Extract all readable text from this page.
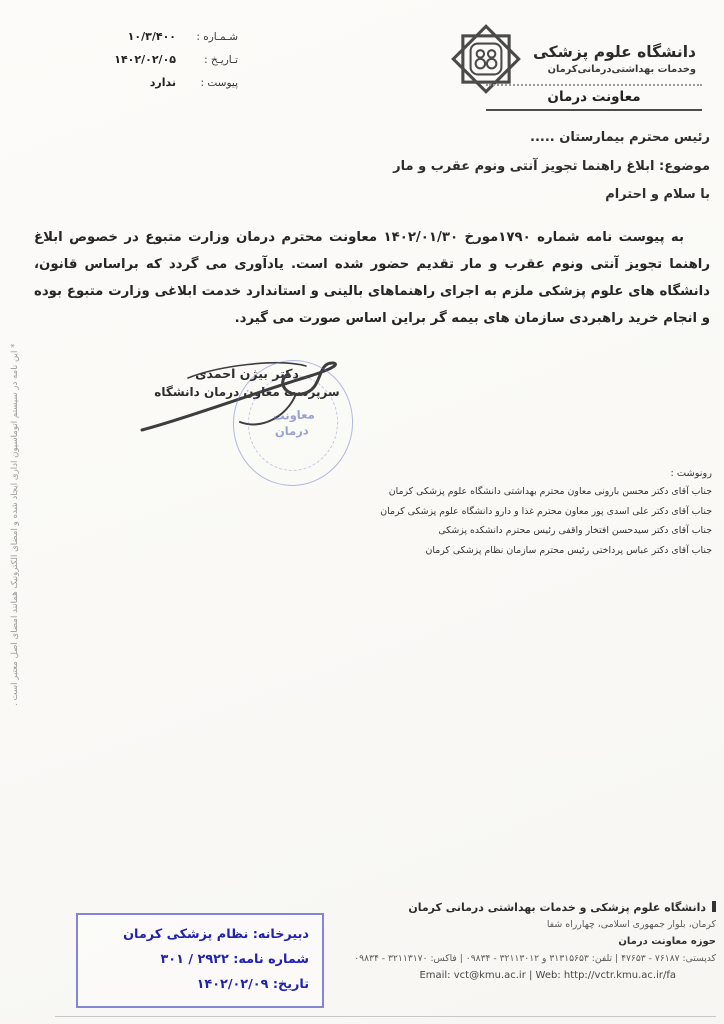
شـمـاره :
۱۰/۳/۴۰۰
تـاریـخ :
۱۴۰۲/۰۲/۰۵
پیوست :
ندارد
دانشگاه علوم پزشکی
وخدمات بهداشتی‌درمانی‌کرمان
معاونت درمان
رئیس محترم بیمارستان .....
موضوع: ابلاغ راهنما تجویز آنتی ونوم عقرب و مار
با سلام و احترام

به پیوست نامه شماره ۱۷۹۰مورخ ۱۴۰۲/۰۱/۳۰ معاونت محترم درمان وزارت متبوع در خصوص ابلاغ راهنما تجویز آنتی ونوم عقرب و مار تقدیم حضور شده است. یادآوری می گردد که براساس قانون، دانشگاه های علوم پزشکی ملزم به اجرای راهنماهای بالینی و استاندارد خدمت ابلاغی وزارت متبوع بوده و انجام خرید راهبردی سازمان های بیمه گر براین اساس صورت می گیرد.

دکتر بیژن احمدی
سرپرست معاون درمان دانشگاه
معاونت
درمان
رونوشت :
جناب آقای دکتر محسن بارونی معاون محترم بهداشتی دانشگاه علوم پزشکی کرمان
جناب آقای دکتر علی اسدی پور معاون محترم غذا و دارو دانشگاه علوم پزشکی کرمان
جناب آقای دکتر سیدحسن افتخار واقفی رئیس محترم دانشکده پزشکی
جناب آقای دکتر عباس پرداختی رئیس محترم سازمان نظام پزشکی کرمان
* این نامه در سیستم اتوماسیون اداری ایجاد شده و امضای الکترونیک همانند امضای اصل معتبر است .
دبیرخانه: نظام پزشکی کرمان
شماره نامه: ۲۹۲۲ / ۳۰۱
تاریخ: ۱۴۰۲/۰۲/۰۹
دانشگاه علوم پزشکی و خدمات بهداشتی درمانی کرمان
کرمان، بلوار جمهوری اسلامی، چهارراه شفا
حوزه معاونت درمان
کدپستی: ۷۶۱۸۷ - ۴۷۶۵۳ | تلفن: ۳۱۳۱۵۶۵۳ و ۳۲۱۱۳۰۱۲ - ۰۹۸۳۴ | فاکس: ۳۲۱۱۳۱۷۰ - ۰۹۸۳۴
Email: vct@kmu.ac.ir | Web: http://vctr.kmu.ac.ir/fa
